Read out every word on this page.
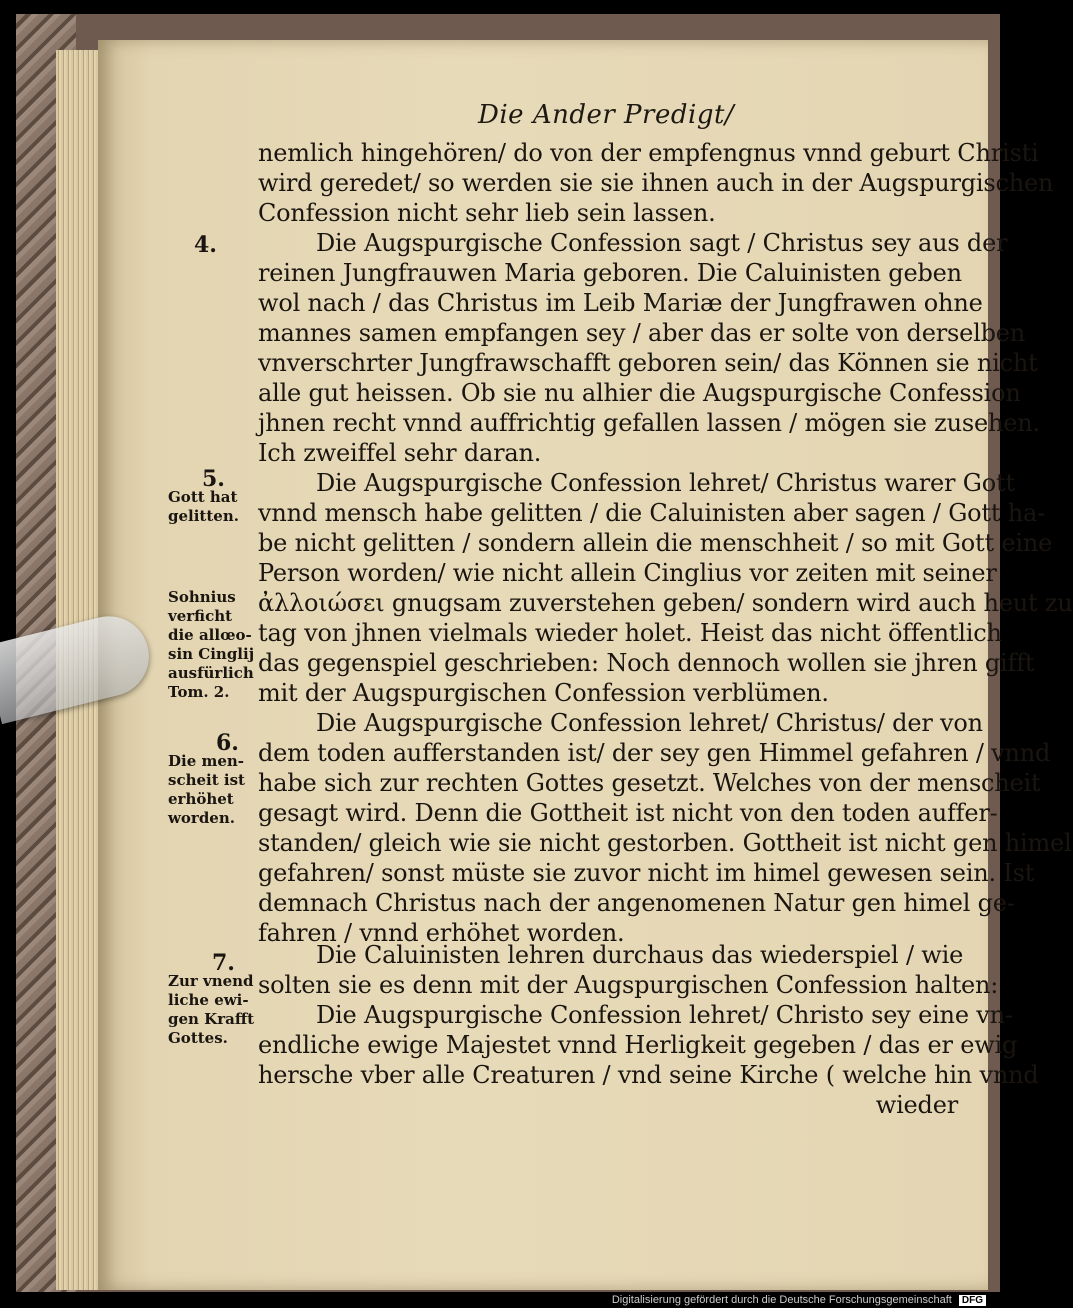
Die Ander Predigt/
nemlich hingehören/ do von der empfengnus vnnd geburt Christi
wird geredet/ so werden sie sie ihnen auch in der Augspurgischen
Confession nicht sehr lieb sein lassen.
4.	Die Augspurgische Confession sagt / Christus sey aus der
reinen Jungfrauwen Maria geboren. Die Caluinisten geben
wol nach / das Christus im Leib Mariæ der Jungfrawen ohne
mannes samen empfangen sey / aber das er solte von derselben
vnverschrter Jungfrawschafft geboren sein/ das Können sie nicht
alle gut heissen. Ob sie nu alhier die Augspurgische Confession
jhnen recht vnnd auffrichtig gefallen lassen / mögen sie zusehen.
Ich zweiffel sehr daran.
5.
Gott hat
gelitten.
Die Augspurgische Confession lehret/ Christus warer Gott
vnnd mensch habe gelitten / die Caluinisten aber sagen / Gott ha-
be nicht gelitten / sondern allein die menschheit / so mit Gott eine
Person worden/ wie nicht allein Cinglius vor zeiten mit seiner
Sohnius
verficht
die allœo-
sin Cinglij
ausfürlich
Tom. 2.
ἀλλοιώσει gnugsam zuverstehen geben/ sondern wird auch heut zu
tag von jhnen vielmals wieder holet. Heist das nicht öffentlich
das gegenspiel geschrieben: Noch dennoch wollen sie jhren gifft
mit der Augspurgischen Confession verblümen.
Die Augspurgische Confession lehret/ Christus/ der von
6.
Die men-
scheit ist
erhöhet
worden.
dem toden aufferstanden ist/ der sey gen Himmel gefahren / vnnd
habe sich zur rechten Gottes gesetzt. Welches von der menscheit
gesagt wird. Denn die Gottheit ist nicht von den toden auffer-
standen/ gleich wie sie nicht gestorben. Gottheit ist nicht gen himel
gefahren/ sonst müste sie zuvor nicht im himel gewesen sein. Ist
demnach Christus nach der angenomenen Natur gen himel ge-
fahren / vnnd erhöhet worden.
7.	Die Caluinisten lehren durchaus das wiederspiel / wie
Zur vnend
liche ewi-
gen Krafft
Gottes.
solten sie es denn mit der Augspurgischen Confession halten:
Die Augspurgische Confession lehret/ Christo sey eine vn-
endliche ewige Majestet vnnd Herligkeit gegeben / das er ewig
hersche vber alle Creaturen / vnd seine Kirche ( welche hin vnnd
wieder
Digitalisierung gefördert durch die Deutsche Forschungsgemeinschaft DFG
